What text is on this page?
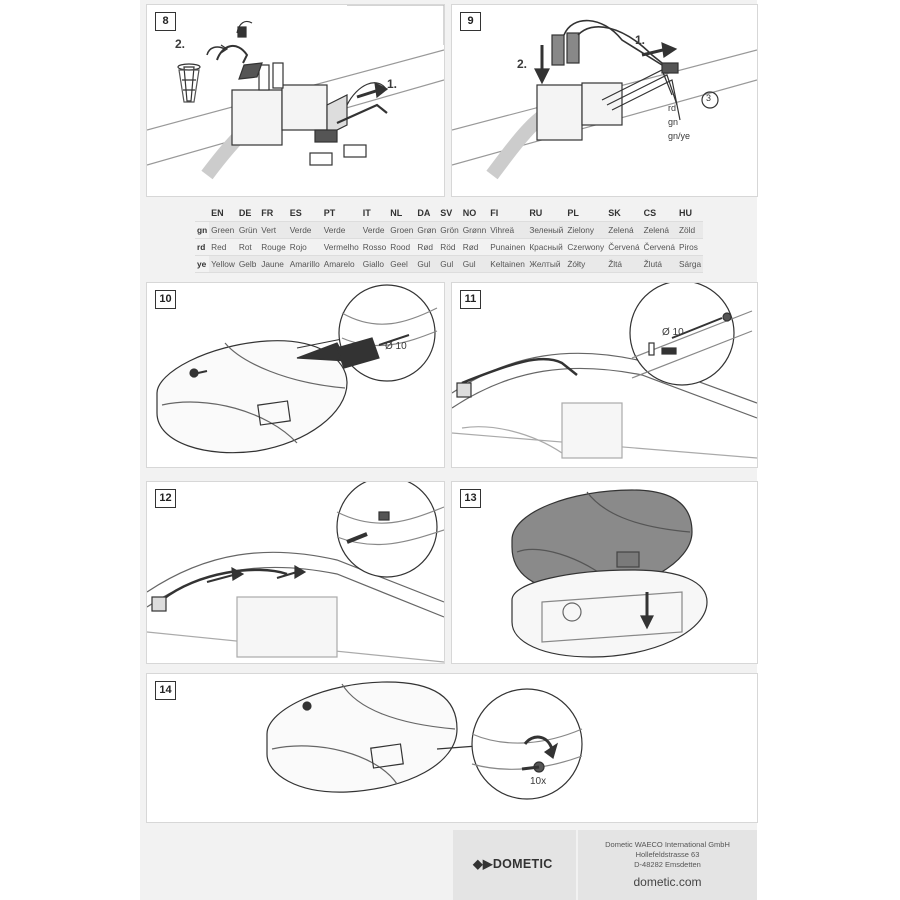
8
2.
1.
9
2.
1.
rd
gn
gn/ye
3
	EN	DE	FR	ES	PT	IT	NL	DA	SV	NO	FI	RU	PL	SK	CS	HU
gn	Green	Grün	Vert	Verde	Verde	Verde	Groen	Grøn	Grön	Grønn	Vihreä	Зеленый	Zielony	Zelená	Zelená	Zöld
rd	Red	Rot	Rouge	Rojo	Vermelho	Rosso	Rood	Rød	Röd	Rød	Punainen	Красный	Czerwony	Červená	Červená	Piros
ye	Yellow	Gelb	Jaune	Amarillo	Amarelo	Giallo	Geel	Gul	Gul	Gul	Keltainen	Желтый	Żółty	Žltá	Žlutá	Sárga
10
Ø 10
11
Ø 10
12	13
14
10x
◆▶DOMETIC
Dometic WAECO International GmbH
Hollefeldstrasse 63
D-48282 Emsdetten
dometic.com
